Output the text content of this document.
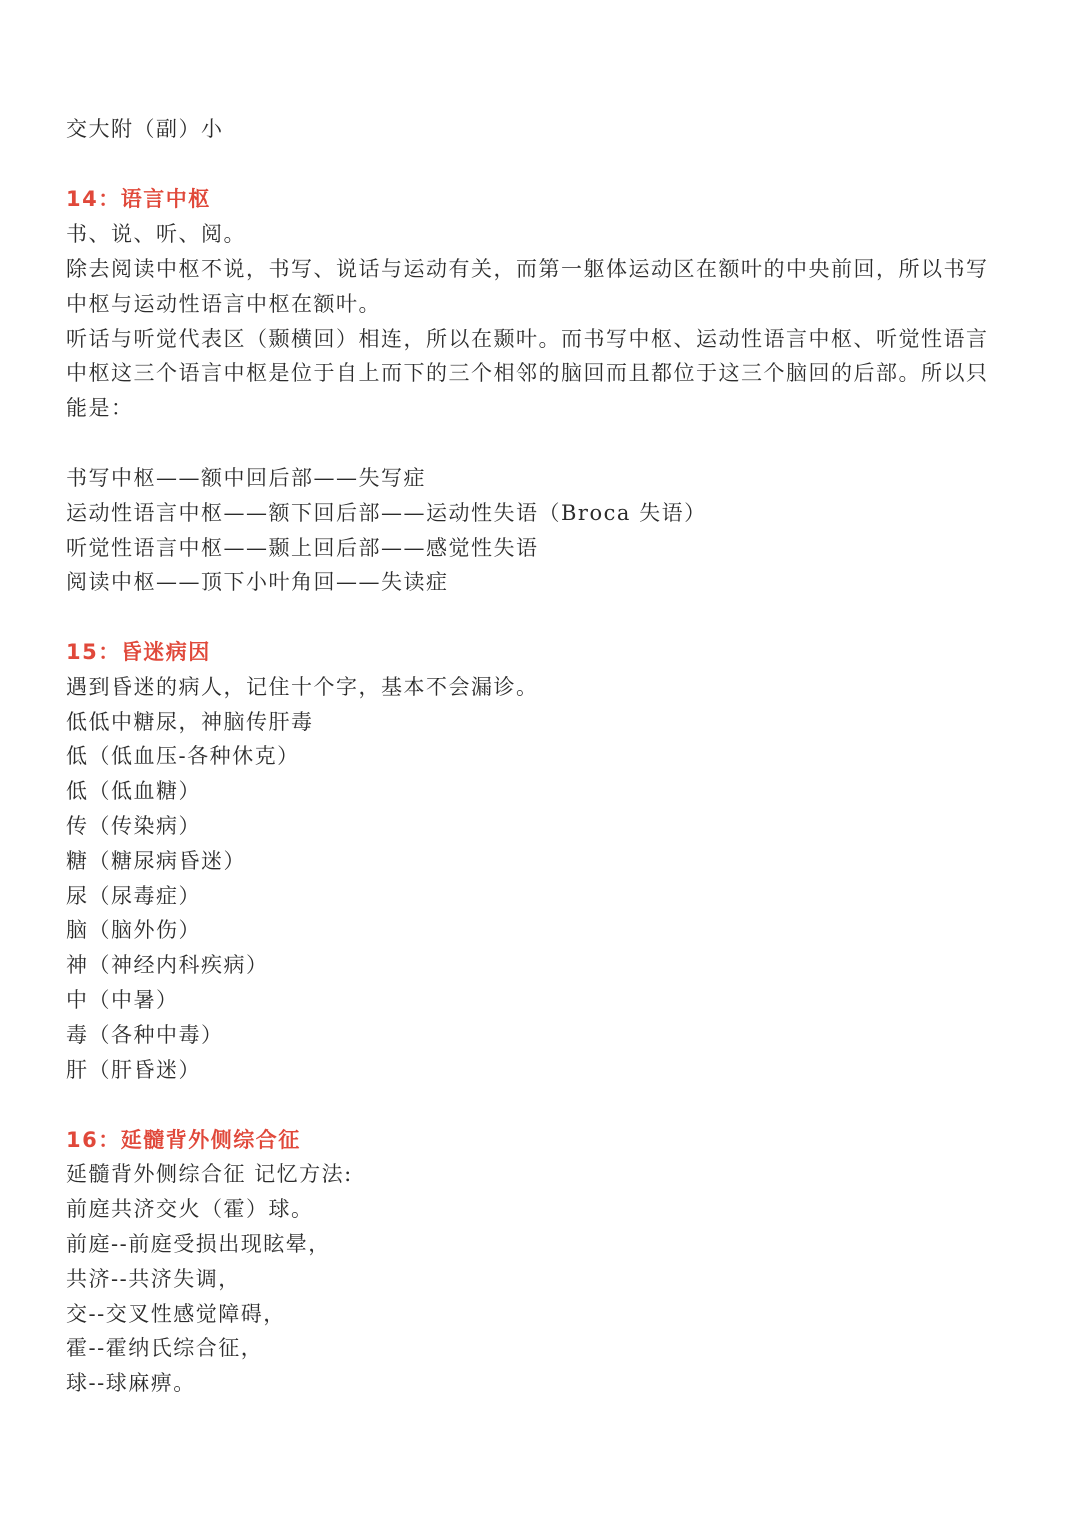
交大附（副）小
14：语言中枢
书、说、听、阅。
除去阅读中枢不说，书写、说话与运动有关，而第一躯体运动区在额叶的中央前回，所以书写
中枢与运动性语言中枢在额叶。
听话与听觉代表区（颞横回）相连，所以在颞叶。而书写中枢、运动性语言中枢、听觉性语言
中枢这三个语言中枢是位于自上而下的三个相邻的脑回而且都位于这三个脑回的后部。所以只
能是：
书写中枢——额中回后部——失写症
运动性语言中枢——额下回后部——运动性失语（Broca 失语）
听觉性语言中枢——颞上回后部——感觉性失语
阅读中枢——顶下小叶角回——失读症
15：昏迷病因
遇到昏迷的病人，记住十个字，基本不会漏诊。
低低中糖尿，神脑传肝毒
低（低血压-各种休克）
低（低血糖）
传（传染病）
糖（糖尿病昏迷）
尿（尿毒症）
脑（脑外伤）
神（神经内科疾病）
中（中暑）
毒（各种中毒）
肝（肝昏迷）
16：延髓背外侧综合征
延髓背外侧综合征 记忆方法:
前庭共济交火（霍）球。
前庭--前庭受损出现眩晕，
共济--共济失调，
交--交叉性感觉障碍，
霍--霍纳氏综合征，
球--球麻痹。
